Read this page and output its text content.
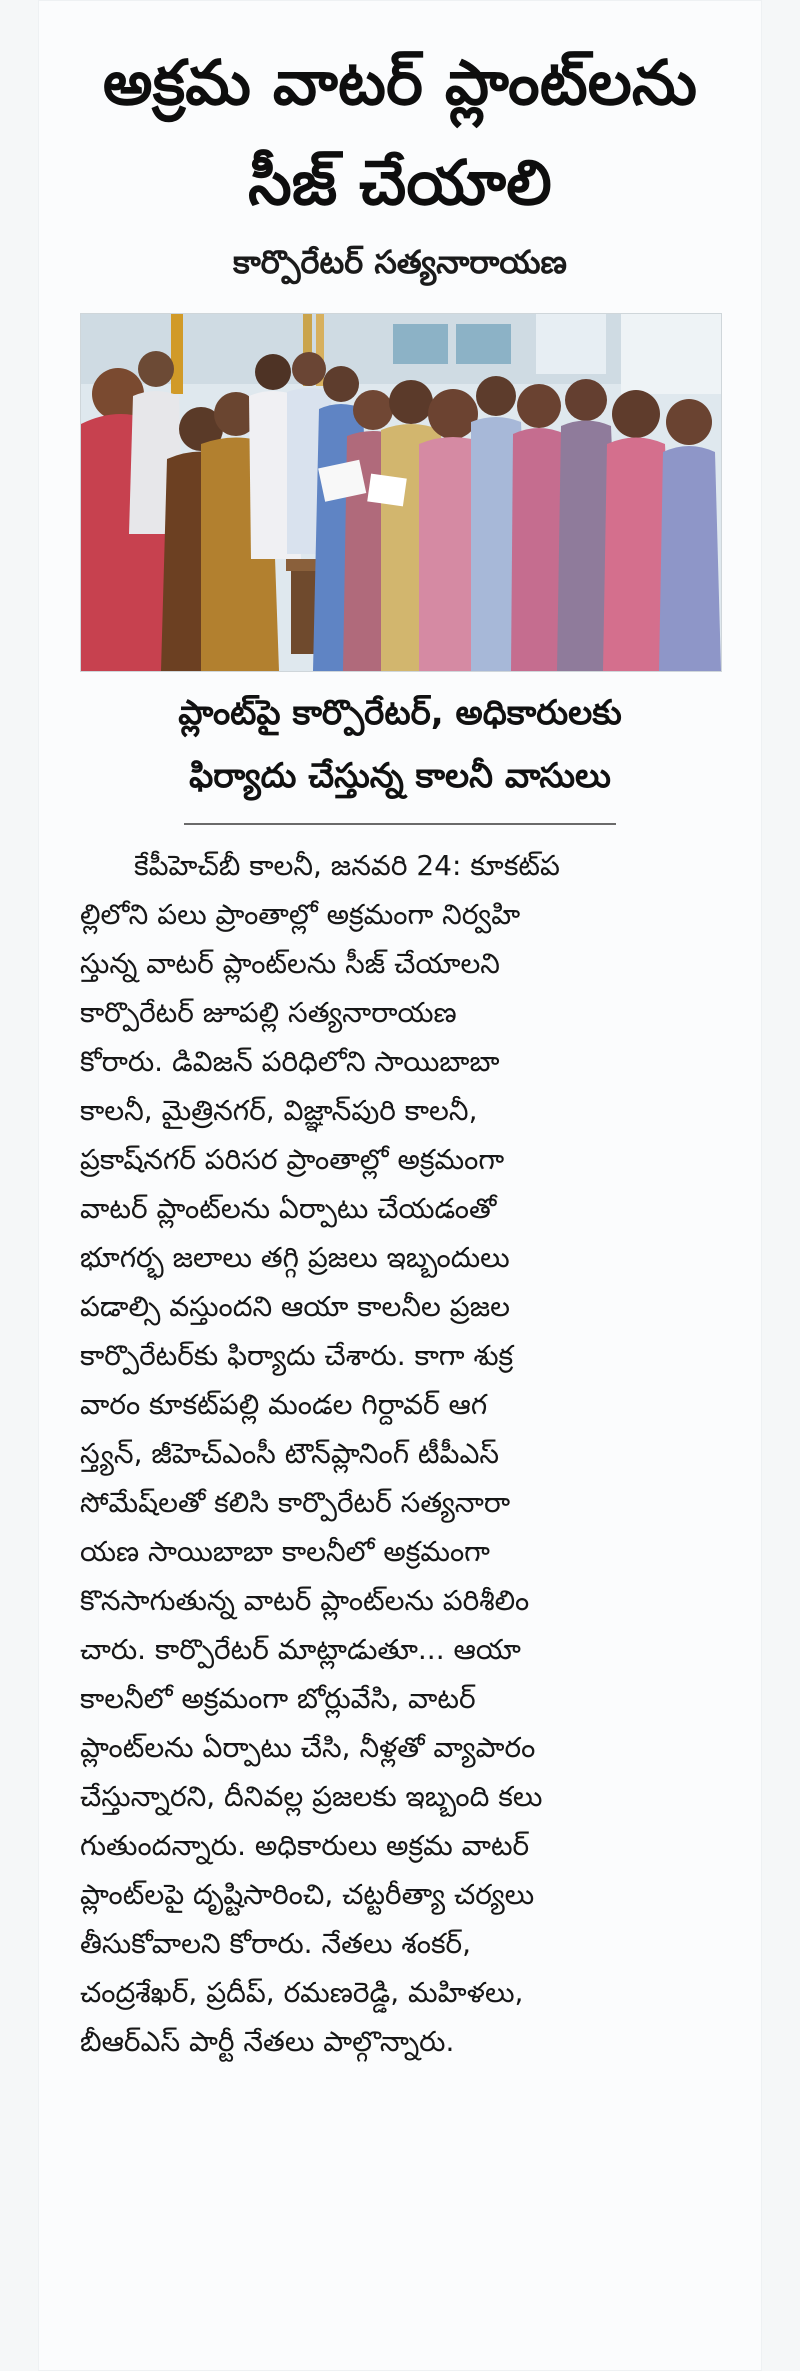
అక్రమ వాటర్ ప్లాంట్‌లను
సీజ్ చేయాలి
కార్పొరేటర్ సత్యనారాయణ
ప్లాంట్‌పై కార్పొరేటర్, అధికారులకు
ఫిర్యాదు చేస్తున్న కాలనీ వాసులు
కేపీహెచ్‌బీ కాలనీ, జనవరి 24: కూకట్‌ప
ల్లిలోని పలు ప్రాంతాల్లో అక్రమంగా నిర్వహి
స్తున్న వాటర్ ప్లాంట్‌లను సీజ్ చేయాలని
కార్పొరేటర్ జూపల్లి సత్యనారాయణ
కోరారు. డివిజన్ పరిధిలోని సాయిబాబా
కాలనీ, మైత్రినగర్, విజ్ఞాన్‌పురి కాలనీ,
ప్రకాష్‌నగర్ పరిసర ప్రాంతాల్లో అక్రమంగా
వాటర్ ప్లాంట్‌లను ఏర్పాటు చేయడంతో
భూగర్భ జలాలు తగ్గి ప్రజలు ఇబ్బందులు
పడాల్సి వస్తుందని ఆయా కాలనీల ప్రజల
కార్పొరేటర్‌కు ఫిర్యాదు చేశారు. కాగా శుక్ర
వారం కూకట్‌పల్లి మండల గిర్దావర్ ఆగ
స్త్యన్, జీహెచ్‌ఎంసీ టౌన్‌ప్లానింగ్ టీపీఎస్
సోమేష్‌లతో కలిసి కార్పొరేటర్ సత్యనారా
యణ సాయిబాబా కాలనీలో అక్రమంగా
కొనసాగుతున్న వాటర్ ప్లాంట్‌లను పరిశీలిం
చారు. కార్పొరేటర్ మాట్లాడుతూ... ఆయా
కాలనీలో అక్రమంగా బోర్లువేసి, వాటర్
ప్లాంట్‌లను ఏర్పాటు చేసి, నీళ్లతో వ్యాపారం
చేస్తున్నారని, దీనివల్ల ప్రజలకు ఇబ్బంది కలు
గుతుందన్నారు. అధికారులు అక్రమ వాటర్
ప్లాంట్‌లపై దృష్టిసారించి, చట్టరీత్యా చర్యలు
తీసుకోవాలని కోరారు. నేతలు శంకర్,
చంద్రశేఖర్, ప్రదీప్, రమణరెడ్డి, మహిళలు,
బీఆర్‌ఎస్ పార్టీ నేతలు పాల్గొన్నారు.
